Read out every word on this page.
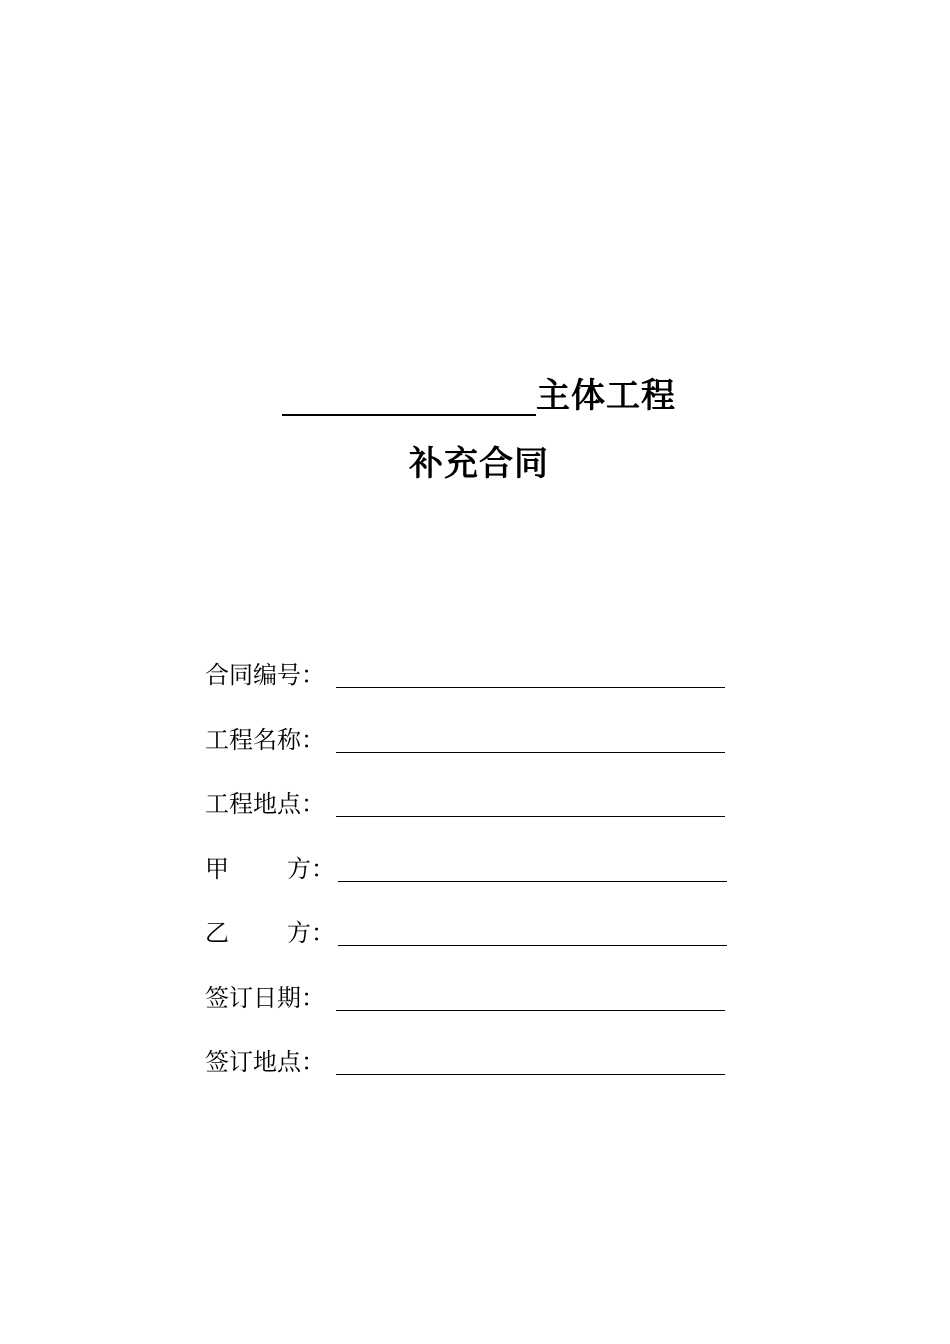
主体工程
补充合同
合同编号：
工程名称：
工程地点：
甲 方：
乙 方：
签订日期：
签订地点：
